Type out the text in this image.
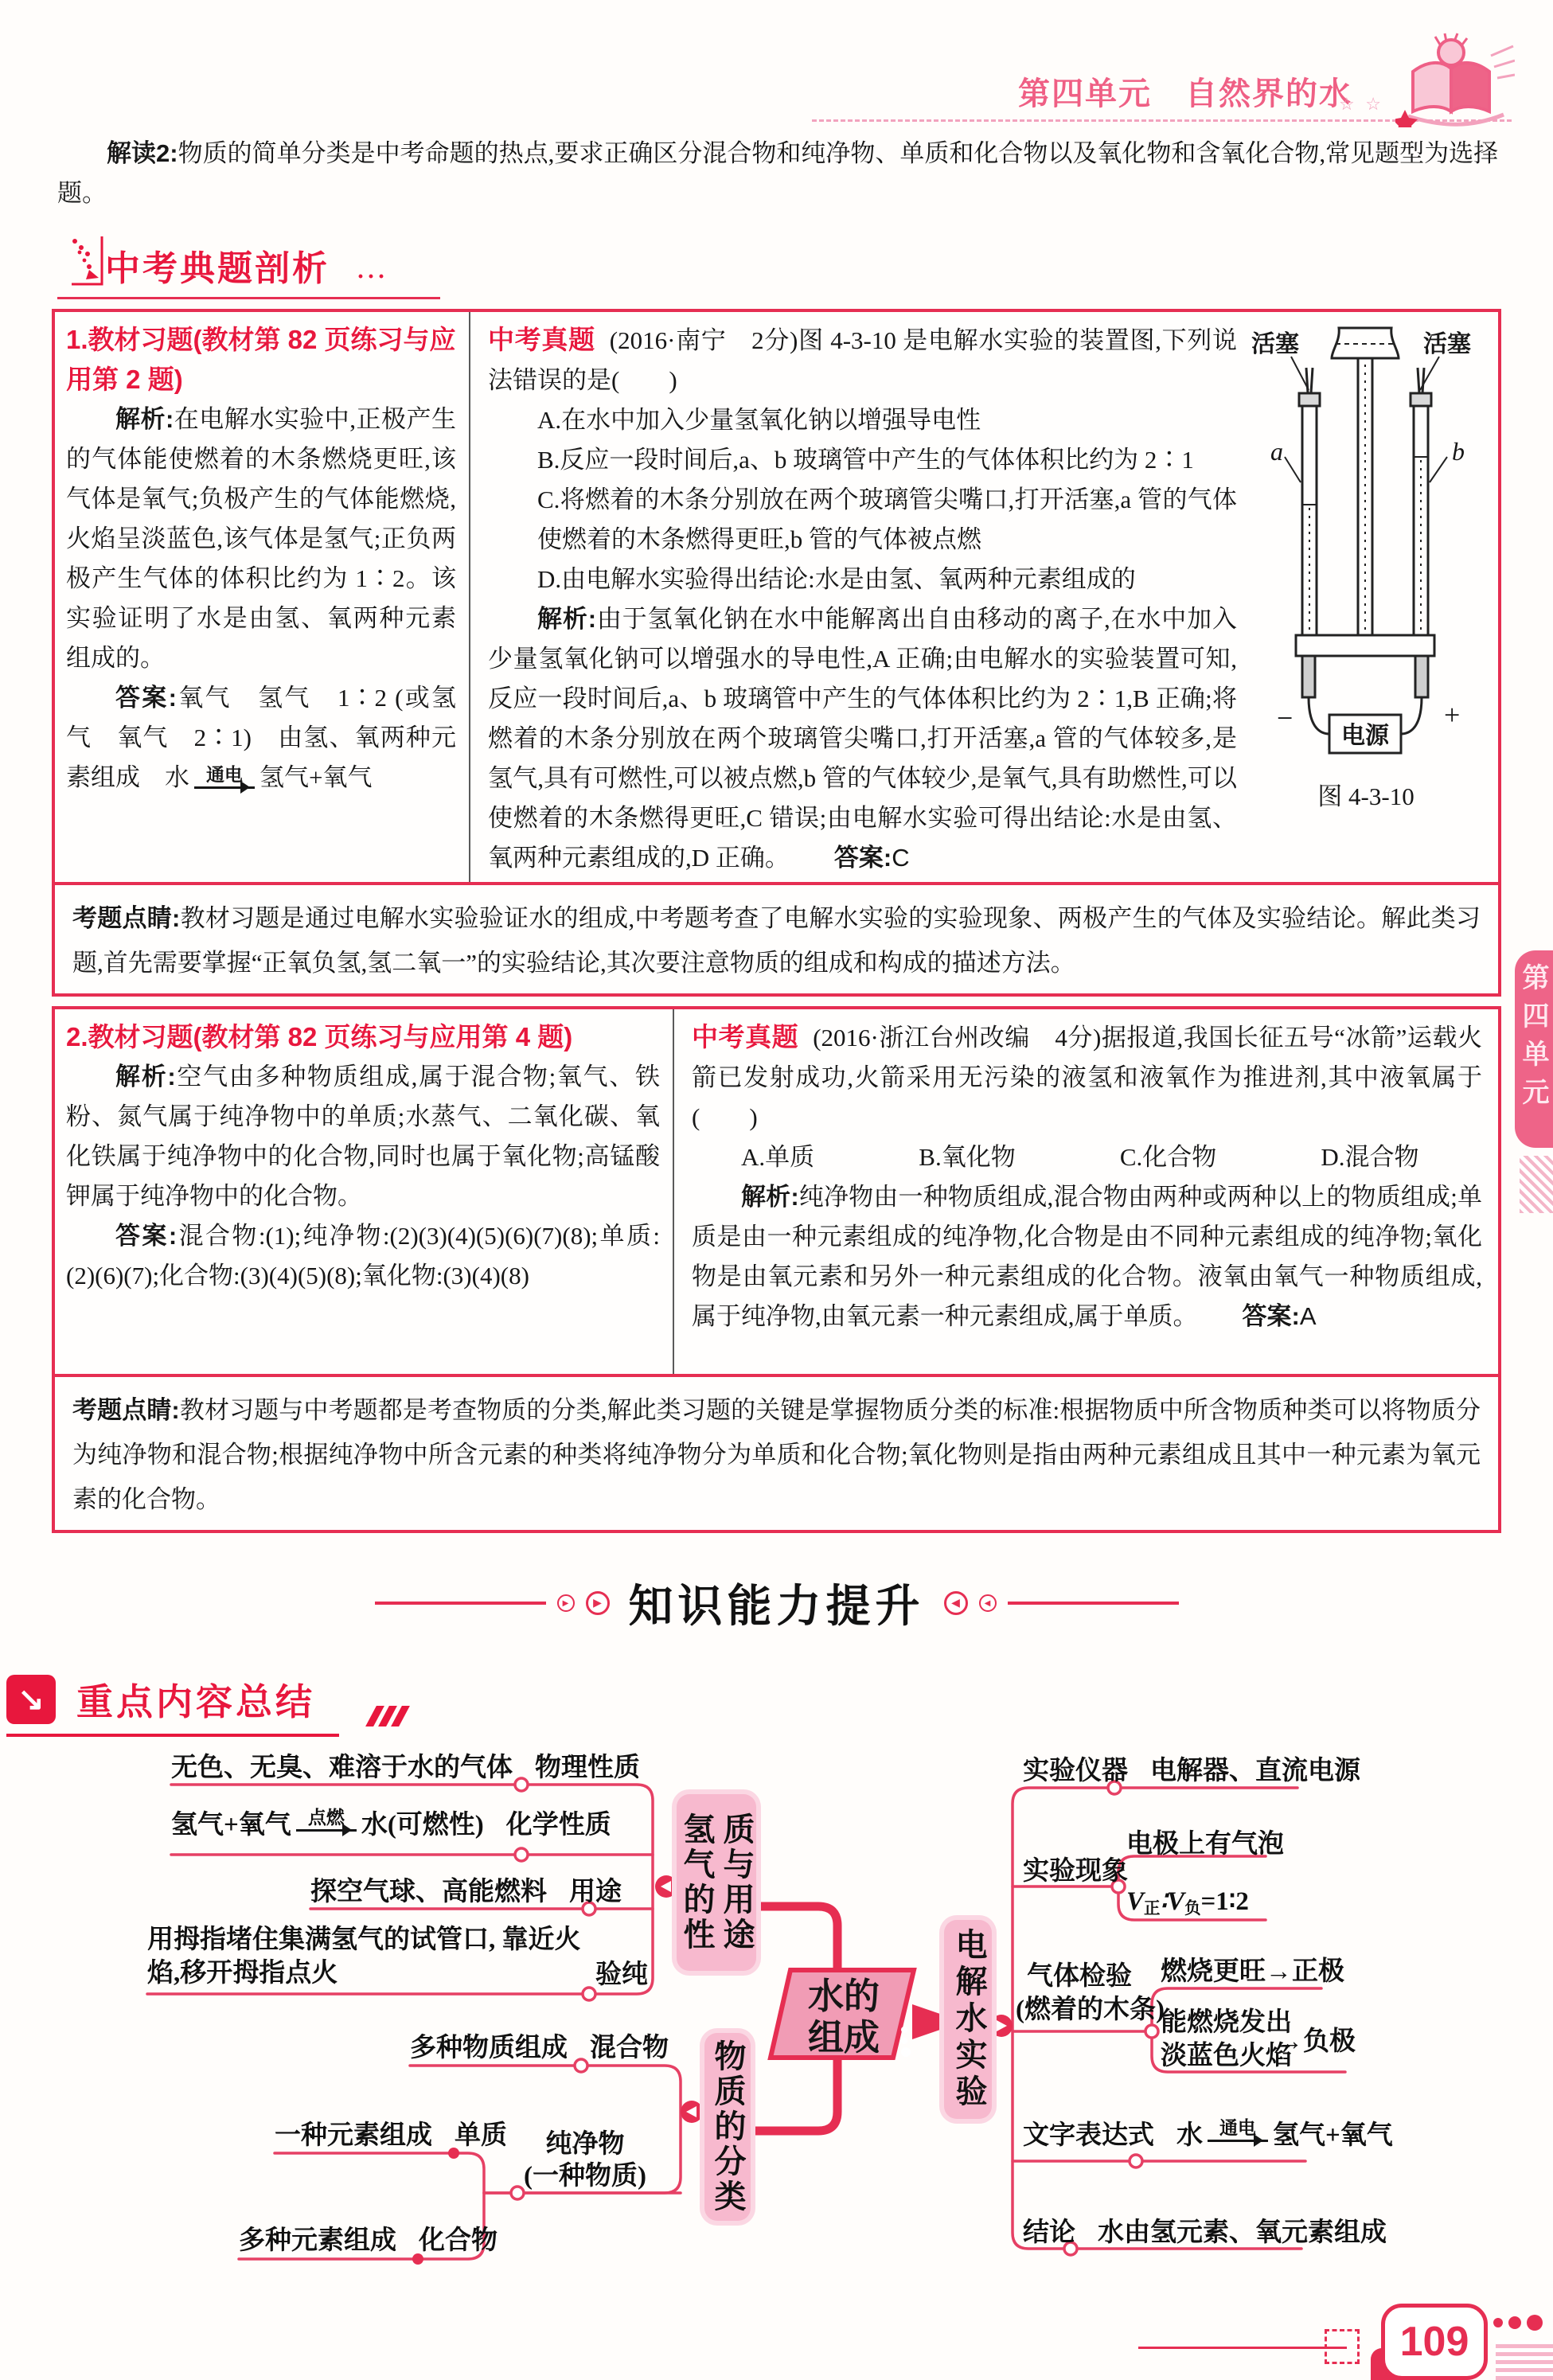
第四单元　自然界的水
☆ ☆

解读2:物质的简单分类是中考命题的热点,要求正确区分混合物和纯净物、单质和化合物以及氧化物和含氧化合物,常见题型为选择题。

中考典题剖析 ···
1.教材习题(教材第 82 页练习与应用第 2 题)

解析:在电解水实验中,正极产生的气体能使燃着的木条燃烧更旺,该气体是氧气;负极产生的气体能燃烧,火焰呈淡蓝色,该气体是氢气;正负两极产生气体的体积比约为 1∶2。该实验证明了水是由氢、氧两种元素组成的。

答案:氧气　氢气　1∶2 (或氢气　氧气　2∶1)　由氢、氧两种元素组成　水 通电 氢气+氧气

活塞	活塞
a	b
−	+
电源
图 4-3-10

中考真题 (2016·南宁　2分)图 4-3-10 是电解水实验的装置图,下列说法错误的是(　　)

A.在水中加入少量氢氧化钠以增强导电性
B.反应一段时间后,a、b 玻璃管中产生的气体体积比约为 2∶1
C.将燃着的木条分别放在两个玻璃管尖嘴口,打开活塞,a 管的气体使燃着的木条燃得更旺,b 管的气体被点燃
D.由电解水实验得出结论:水是由氢、氧两种元素组成的

解析:由于氢氧化钠在水中能解离出自由移动的离子,在水中加入少量氢氧化钠可以增强水的导电性,A 正确;由电解水的实验装置可知,反应一段时间后,a、b 玻璃管中产生的气体体积比约为 2∶1,B 正确;将燃着的木条分别放在两个玻璃管尖嘴口,打开活塞,a 管的气体较多,是氢气,具有可燃性,可以被点燃,b 管的气体较少,是氧气,具有助燃性,可以使燃着的木条燃得更旺,C 错误;由电解水实验可得出结论:水是由氢、氧两种元素组成的,D 正确。 答案:C

考题点睛:教材习题是通过电解水实验验证水的组成,中考题考查了电解水实验的实验现象、两极产生的气体及实验结论。解此类习题,首先需要掌握“正氧负氢,氢二氧一”的实验结论,其次要注意物质的组成和构成的描述方法。
2.教材习题(教材第 82 页练习与应用第 4 题)

解析:空气由多种物质组成,属于混合物;氧气、铁粉、氮气属于纯净物中的单质;水蒸气、二氧化碳、氧化铁属于纯净物中的化合物,同时也属于氧化物;高锰酸钾属于纯净物中的化合物。

答案:混合物:(1);纯净物:(2)(3)(4)(5)(6)(7)(8);单质:(2)(6)(7);化合物:(3)(4)(5)(8);氧化物:(3)(4)(8)

中考真题 (2016·浙江台州改编　4分)据报道,我国长征五号“冰箭”运载火箭已发射成功,火箭采用无污染的液氢和液氧作为推进剂,其中液氧属于(　　)

A.单质	B.氧化物	C.化合物	D.混合物

解析:纯净物由一种物质组成,混合物由两种或两种以上的物质组成;单质是由一种元素组成的纯净物,化合物是由不同种元素组成的纯净物;氧化物是由氧元素和另外一种元素组成的化合物。液氧由氧气一种物质组成,属于纯净物,由氧元素一种元素组成,属于单质。 答案:A

考题点睛:教材习题与中考题都是考查物质的分类,解此类习题的关键是掌握物质分类的标准:根据物质中所含物质种类可以将物质分为纯净物和混合物;根据纯净物中所含元素的种类将纯净物分为单质和化合物;氧化物则是指由两种元素组成且其中一种元素为氧元素的化合物。
▶	▶ 知识能力提升	◀	◀
↘ 重点内容总结
无色、无臭、难溶于水的气体 物理性质
氢气+氧气 点燃 水(可燃性) 化学性质
探空气球、高能燃料 用途
用拇指堵住集满氢气的试管口, 靠近火焰,移开拇指点火	验纯
氢气的性质与用途
物质的分类
多种物质组成 混合物
一种元素组成 单质	纯净物
(一种物质)
多种元素组成 化合物
水的
组成	电解水实验
实验仪器 电解器、直流电源
实验现象
电极上有气泡
$V_正∶V_负=1∶2$
气体检验
(燃着的木条)
燃烧更旺→正极
能燃烧发出淡蓝色火焰
→负极
文字表达式 水 通电 氢气+氧气
结论 水由氢元素、氧元素组成
109
第四单元
